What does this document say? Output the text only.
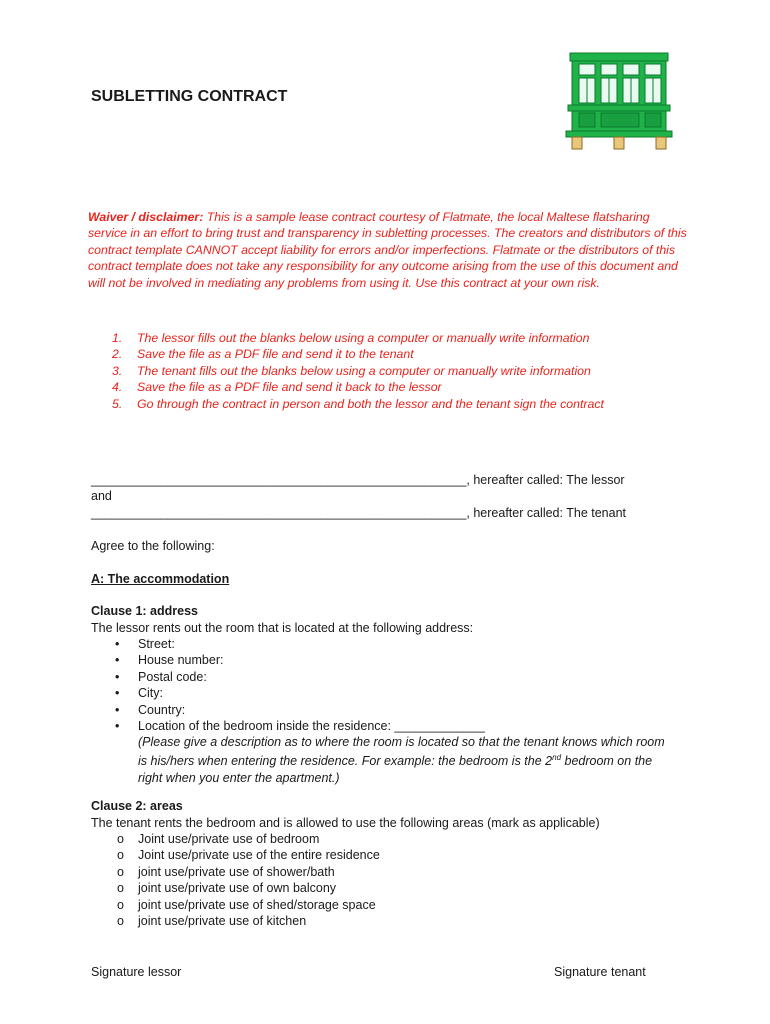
SUBLETTING CONTRACT
Waiver / disclaimer: This is a sample lease contract courtesy of Flatmate, the local Maltese flatsharing service in an effort to bring trust and transparency in subletting processes. The creators and distributors of this contract template CANNOT accept liability for errors and/or imperfections. Flatmate or the distributors of this contract template does not take any responsibility for any outcome arising from the use of this document and will not be involved in mediating any problems from using it. Use this contract at your own risk.
1. The lessor fills out the blanks below using a computer or manually write information
2. Save the file as a PDF file and send it to the tenant
3. The tenant fills out the blanks below using a computer or manually write information
4. Save the file as a PDF file and send it back to the lessor
5. Go through the contract in person and both the lessor and the tenant sign the contract
______________________________________________________, hereafter called: The lessor
and
______________________________________________________, hereafter called: The tenant
Agree to the following:
A: The accommodation
Clause 1: address
The lessor rents out the room that is located at the following address:
• Street:
• House number:
• Postal code:
• City:
• Country:
• Location of the bedroom inside the residence: _____________
(Please give a description as to where the room is located so that the tenant knows which room is his/hers when entering the residence. For example: the bedroom is the 2nd bedroom on the right when you enter the apartment.)
Clause 2: areas
The tenant rents the bedroom and is allowed to use the following areas (mark as applicable)
o Joint use/private use of bedroom
o Joint use/private use of the entire residence
o joint use/private use of shower/bath
o joint use/private use of own balcony
o joint use/private use of shed/storage space
o joint use/private use of kitchen
Signature lessor	Signature tenant
